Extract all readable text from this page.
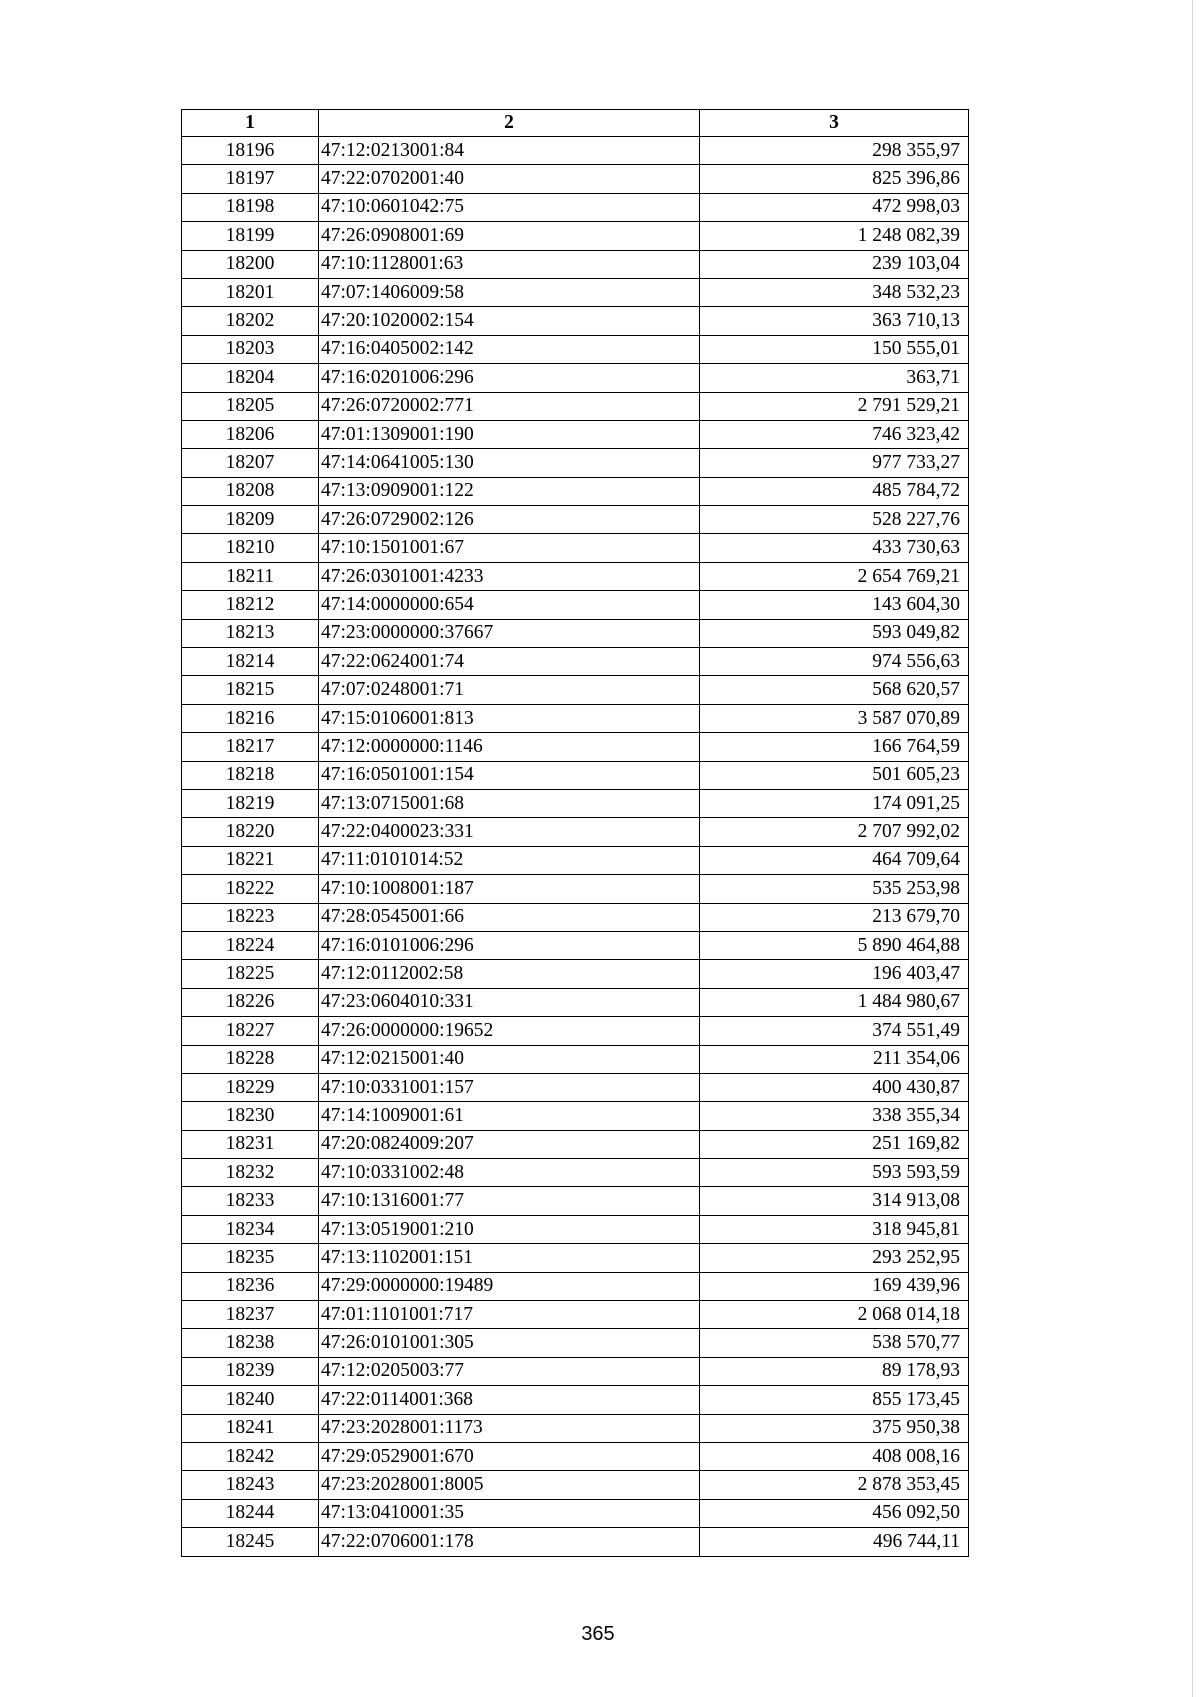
1	2	3
18196	47:12:0213001:84	298 355,97
18197	47:22:0702001:40	825 396,86
18198	47:10:0601042:75	472 998,03
18199	47:26:0908001:69	1 248 082,39
18200	47:10:1128001:63	239 103,04
18201	47:07:1406009:58	348 532,23
18202	47:20:1020002:154	363 710,13
18203	47:16:0405002:142	150 555,01
18204	47:16:0201006:296	363,71
18205	47:26:0720002:771	2 791 529,21
18206	47:01:1309001:190	746 323,42
18207	47:14:0641005:130	977 733,27
18208	47:13:0909001:122	485 784,72
18209	47:26:0729002:126	528 227,76
18210	47:10:1501001:67	433 730,63
18211	47:26:0301001:4233	2 654 769,21
18212	47:14:0000000:654	143 604,30
18213	47:23:0000000:37667	593 049,82
18214	47:22:0624001:74	974 556,63
18215	47:07:0248001:71	568 620,57
18216	47:15:0106001:813	3 587 070,89
18217	47:12:0000000:1146	166 764,59
18218	47:16:0501001:154	501 605,23
18219	47:13:0715001:68	174 091,25
18220	47:22:0400023:331	2 707 992,02
18221	47:11:0101014:52	464 709,64
18222	47:10:1008001:187	535 253,98
18223	47:28:0545001:66	213 679,70
18224	47:16:0101006:296	5 890 464,88
18225	47:12:0112002:58	196 403,47
18226	47:23:0604010:331	1 484 980,67
18227	47:26:0000000:19652	374 551,49
18228	47:12:0215001:40	211 354,06
18229	47:10:0331001:157	400 430,87
18230	47:14:1009001:61	338 355,34
18231	47:20:0824009:207	251 169,82
18232	47:10:0331002:48	593 593,59
18233	47:10:1316001:77	314 913,08
18234	47:13:0519001:210	318 945,81
18235	47:13:1102001:151	293 252,95
18236	47:29:0000000:19489	169 439,96
18237	47:01:1101001:717	2 068 014,18
18238	47:26:0101001:305	538 570,77
18239	47:12:0205003:77	89 178,93
18240	47:22:0114001:368	855 173,45
18241	47:23:2028001:1173	375 950,38
18242	47:29:0529001:670	408 008,16
18243	47:23:2028001:8005	2 878 353,45
18244	47:13:0410001:35	456 092,50
18245	47:22:0706001:178	496 744,11
365
